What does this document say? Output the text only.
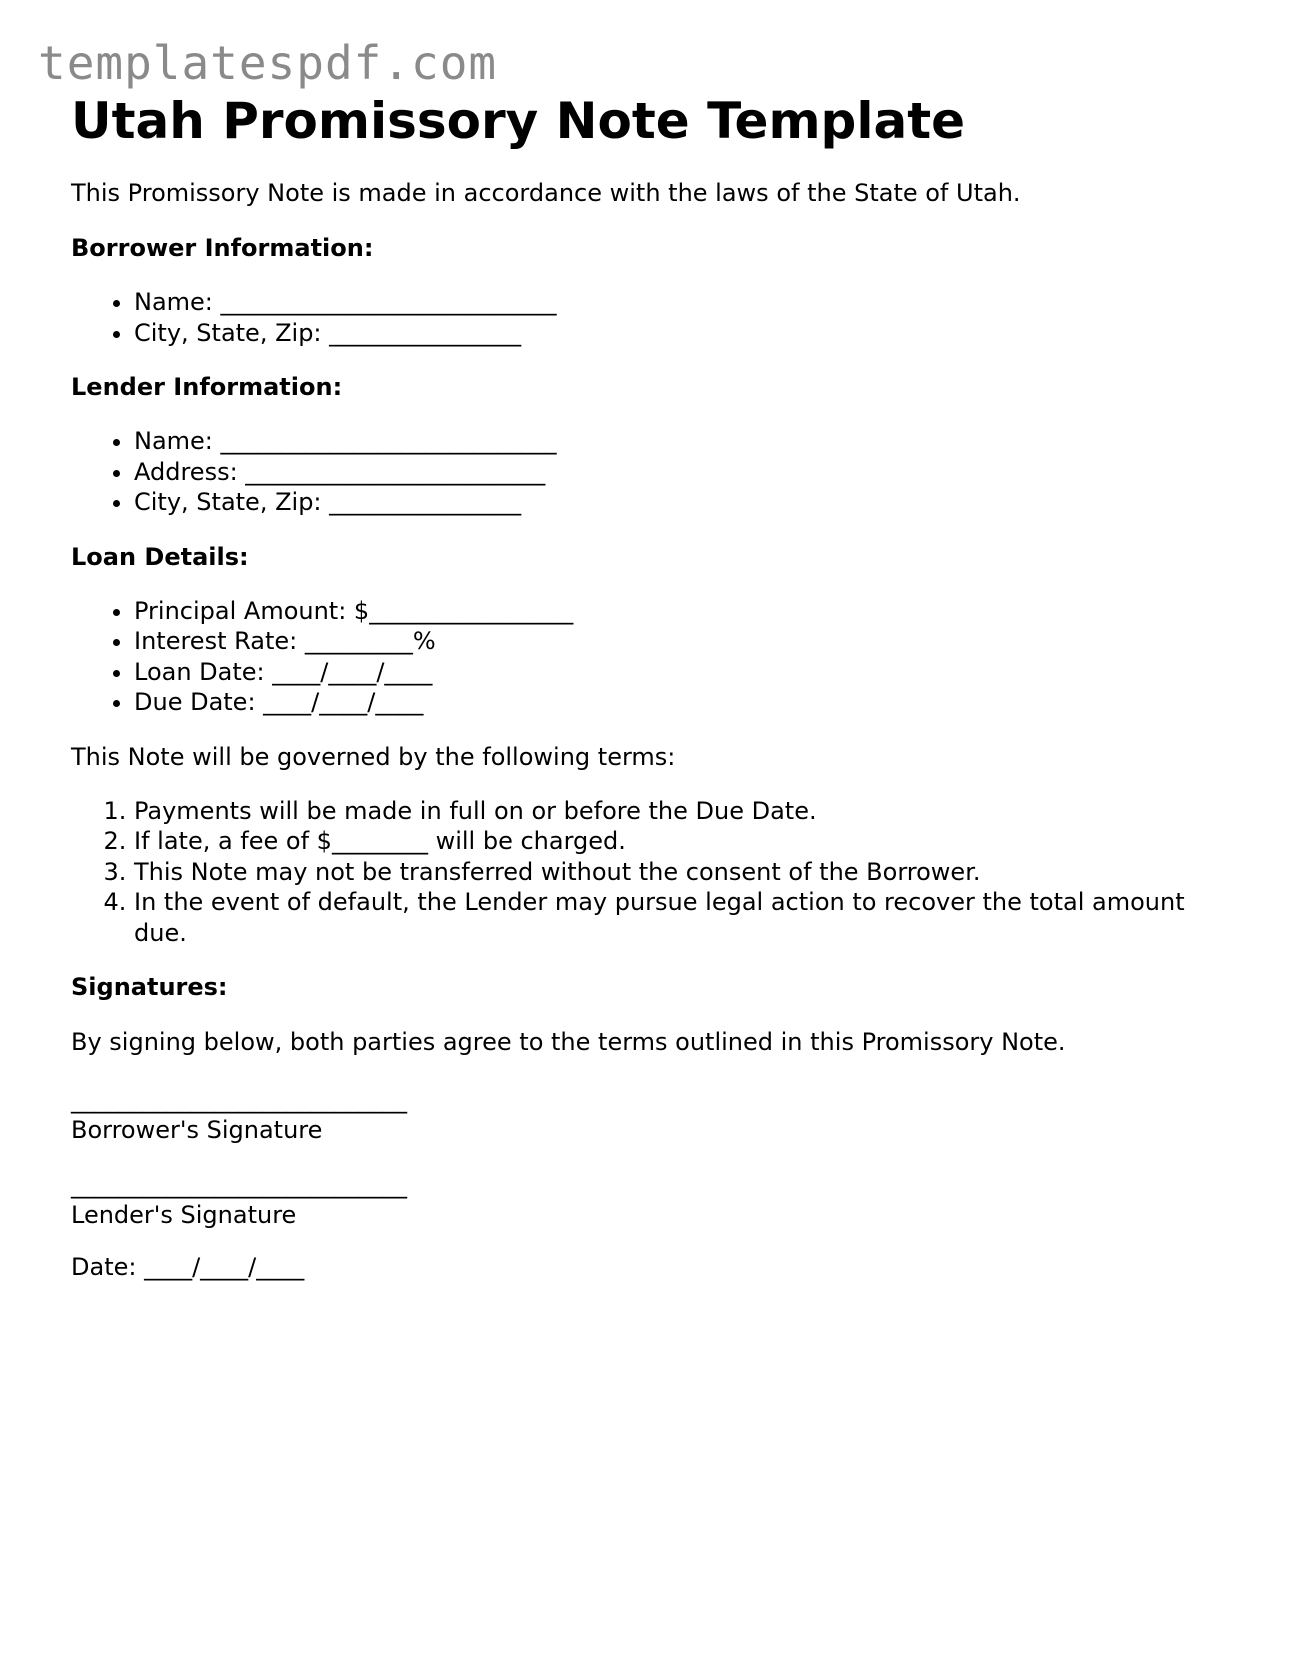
templatespdf.com
Utah Promissory Note Template

This Promissory Note is made in accordance with the laws of the State of Utah.

Borrower Information:
• Name: ____________________________
• City, State, Zip: ________________
Lender Information:
• Name: ____________________________
• Address: _________________________
• City, State, Zip: ________________
Loan Details:
• Principal Amount: $_________________
• Interest Rate: _________%
• Loan Date: ____/____/____
• Due Date: ____/____/____

This Note will be governed by the following terms:

1. Payments will be made in full on or before the Due Date.
2. If late, a fee of $________ will be charged.
3. This Note may not be transferred without the consent of the Borrower.
4. In the event of default, the Lender may pursue legal action to recover the total amount due.
Signatures:

By signing below, both parties agree to the terms outlined in this Promissory Note.

____________________________
Borrower's Signature
____________________________
Lender's Signature

Date: ____/____/____
